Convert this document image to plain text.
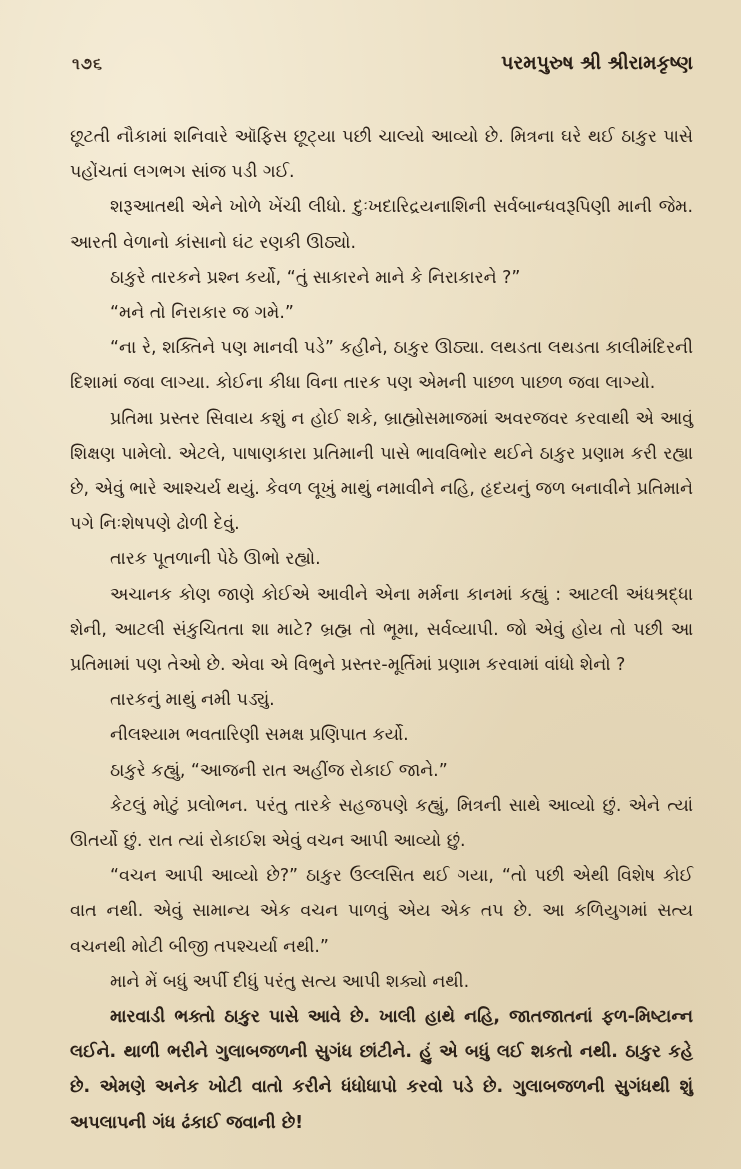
૧૭૬	પરમપુરુષ શ્રી શ્રીરામકૃષ્ણ

છૂટતી નૌકામાં શનિવારે ઑફિસ છૂટ્યા પછી ચાલ્યો આવ્યો છે. મિત્રના ઘરે થઈ ઠાકુર પાસે પહોંચતાં લગભગ સાંજ પડી ગઈ.

શરૂઆતથી એને ખોળે ખેંચી લીધો. દુઃખદારિદ્રયનાશિની સર્વબાન્ધવરૂપિણી માની જેમ. આરતી વેળાનો કાંસાનો ઘંટ રણકી ઊઠ્યો.

ઠાકુરે તારકને પ્રશ્ન કર્યો, “તું સાકારને માને કે નિરાકારને ?”

“મને તો નિરાકાર જ ગમે.”

“ના રે, શક્તિને પણ માનવી પડે” કહીને, ઠાકુર ઊઠ્યા. લથડતા લથડતા કાલીમંદિરની દિશામાં જવા લાગ્યા. કોઈના કીધા વિના તારક પણ એમની પાછળ પાછળ જવા લાગ્યો.

પ્રતિમા પ્રસ્તર સિવાય કશું ન હોઈ શકે, બ્રાહ્મોસમાજમાં અવરજવર કરવાથી એ આવું શિક્ષણ પામેલો. એટલે, પાષાણકારા પ્રતિમાની પાસે ભાવવિભોર થઈને ઠાકુર પ્રણામ કરી રહ્યા છે, એવું ભારે આશ્ચર્ય થયું. કેવળ લૂખું માથું નમાવીને નહિ, હૃદયનું જળ બનાવીને પ્રતિમાને પગે નિઃશેષપણે ઢોળી દેવું.

તારક પૂતળાની પેઠે ઊભો રહ્યો.

અચાનક કોણ જાણે કોઈએ આવીને એના મર્મના કાનમાં કહ્યું : આટલી અંધશ્રદ્ધા શેની, આટલી સંકુચિતતા શા માટે? બ્રહ્મ તો ભૂમા, સર્વવ્યાપી. જો એવું હોય તો પછી આ પ્રતિમામાં પણ તેઓ છે. એવા એ વિભુને પ્રસ્તર-મૂર્તિમાં પ્રણામ કરવામાં વાંધો શેનો ?

તારકનું માથું નમી પડ્યું.

નીલશ્યામ ભવતારિણી સમક્ષ પ્રણિપાત કર્યો.

ઠાકુરે કહ્યું, “આજની રાત અહીંજ રોકાઈ જાને.”

કેટલું મોટું પ્રલોભન. પરંતુ તારકે સહજપણે કહ્યું, મિત્રની સાથે આવ્યો છું. એને ત્યાં ઊતર્યો છું. રાત ત્યાં રોકાઈશ એવું વચન આપી આવ્યો છું.

“વચન આપી આવ્યો છે?” ઠાકુર ઉલ્લસિત થઈ ગયા, “તો પછી એથી વિશેષ કોઈ વાત નથી. એવું સામાન્ય એક વચન પાળવું એય એક તપ છે. આ કળિયુગમાં સત્ય વચનથી મોટી બીજી તપશ્ચર્યા નથી.”

માને મેં બધું અર્પી દીધું પરંતુ સત્ય આપી શક્યો નથી.

મારવાડી ભક્તો ઠાકુર પાસે આવે છે. ખાલી હાથે નહિ, જાતજાતનાં ફળ-મિષ્ટાન્ન લઈને. થાળી ભરીને ગુલાબજળની સુગંધ છાંટીને. હું એ બધું લઈ શકતો નથી. ઠાકુર કહે છે. એમણે અનેક ખોટી વાતો કરીને ધંધોધાપો કરવો પડે છે. ગુલાબજળની સુગંધથી શું અપલાપની ગંધ ઢંકાઈ જવાની છે!
